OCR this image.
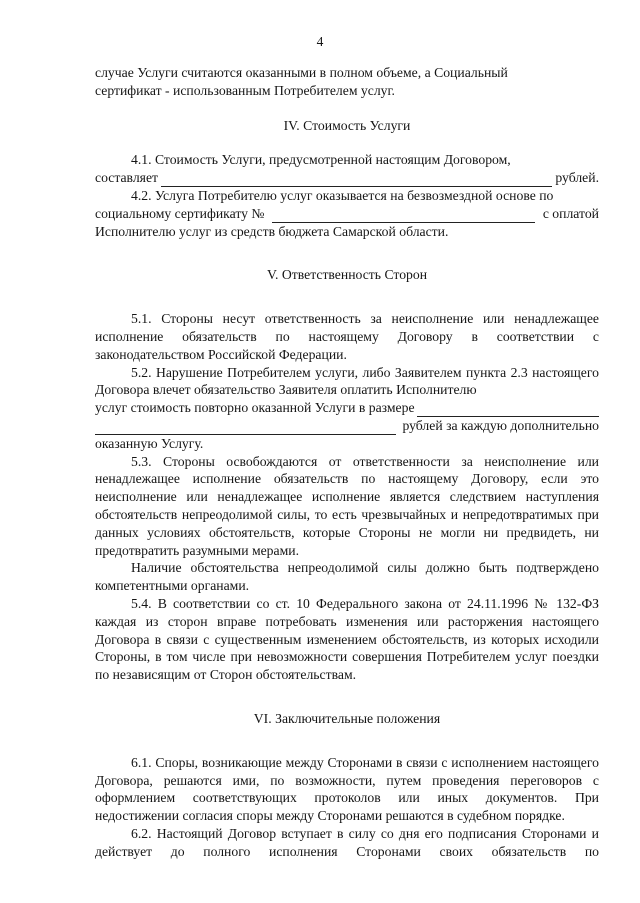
4
случае Услуги считаются оказанными в полном объеме, а Социальный

сертификат - использованным Потребителем услуг.

IV. Стоимость Услуги

4.1. Стоимость Услуги, предусмотренной настоящим Договором,

составляет	рублей.

4.2. Услуга Потребителю услуг оказывается на безвозмездной основе по

социальному сертификату №	с оплатой

Исполнителю услуг из средств бюджета Самарской области.

V. Ответственность Сторон

5.1. Стороны несут ответственность за неисполнение или ненадлежащее исполнение обязательств по настоящему Договору в соответствии с законодательством Российской Федерации.

5.2. Нарушение Потребителем услуги, либо Заявителем пункта 2.3 настоящего Договора влечет обязательство Заявителя оплатить Исполнителю

услуг стоимость повторно оказанной Услуги в размере
рублей за каждую дополнительно

оказанную Услугу.

5.3. Стороны освобождаются от ответственности за неисполнение или ненадлежащее исполнение обязательств по настоящему Договору, если это неисполнение или ненадлежащее исполнение является следствием наступления обстоятельств непреодолимой силы, то есть чрезвычайных и непредотвратимых при данных условиях обстоятельств, которые Стороны не могли ни предвидеть, ни предотвратить разумными мерами.

Наличие обстоятельства непреодолимой силы должно быть подтверждено компетентными органами.

5.4. В соответствии со ст. 10 Федерального закона от 24.11.1996 № 132-ФЗ каждая из сторон вправе потребовать изменения или расторжения настоящего Договора в связи с существенным изменением обстоятельств, из которых исходили Стороны, в том числе при невозможности совершения Потребителем услуг поездки по независящим от Сторон обстоятельствам.

VI. Заключительные положения

6.1. Споры, возникающие между Сторонами в связи с исполнением настоящего Договора, решаются ими, по возможности, путем проведения переговоров с оформлением соответствующих протоколов или иных документов. При недостижении согласия споры между Сторонами решаются в судебном порядке.

6.2. Настоящий Договор вступает в силу со дня его подписания Сторонами и действует до полного исполнения Сторонами своих обязательств по
